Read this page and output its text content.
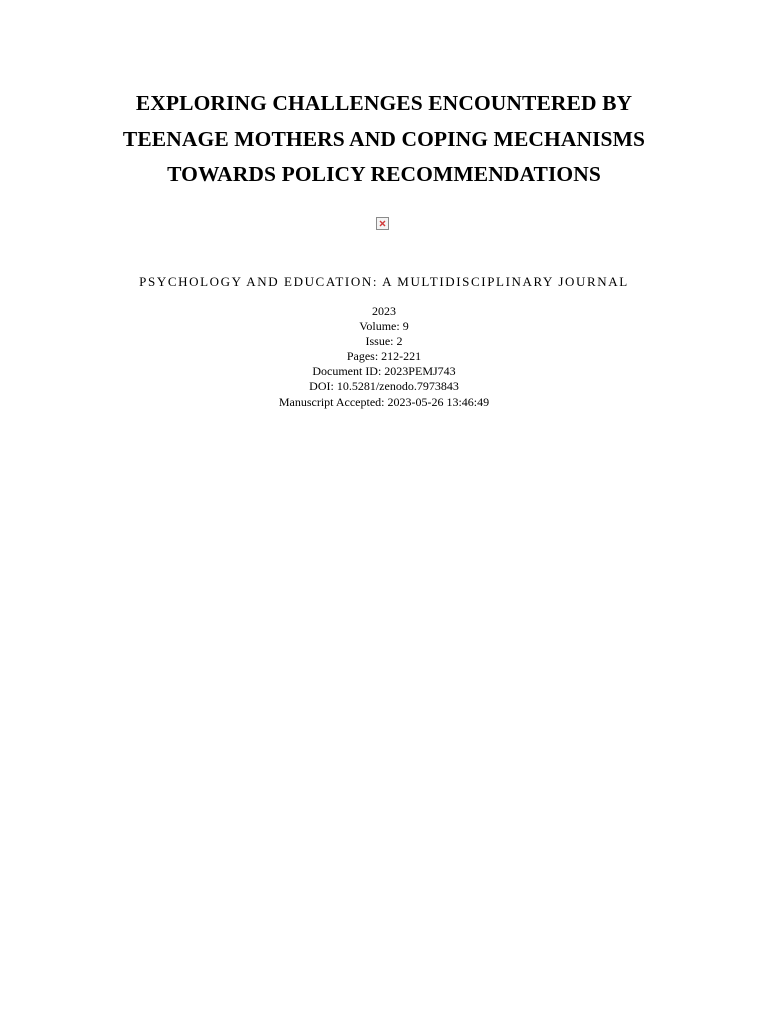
EXPLORING CHALLENGES ENCOUNTERED BY
TEENAGE MOTHERS AND COPING MECHANISMS
TOWARDS POLICY RECOMMENDATIONS

PSYCHOLOGY AND EDUCATION: A MULTIDISCIPLINARY JOURNAL

2023
Volume: 9
Issue: 2
Pages: 212-221
Document ID: 2023PEMJ743
DOI: 10.5281/zenodo.7973843
Manuscript Accepted: 2023-05-26 13:46:49
